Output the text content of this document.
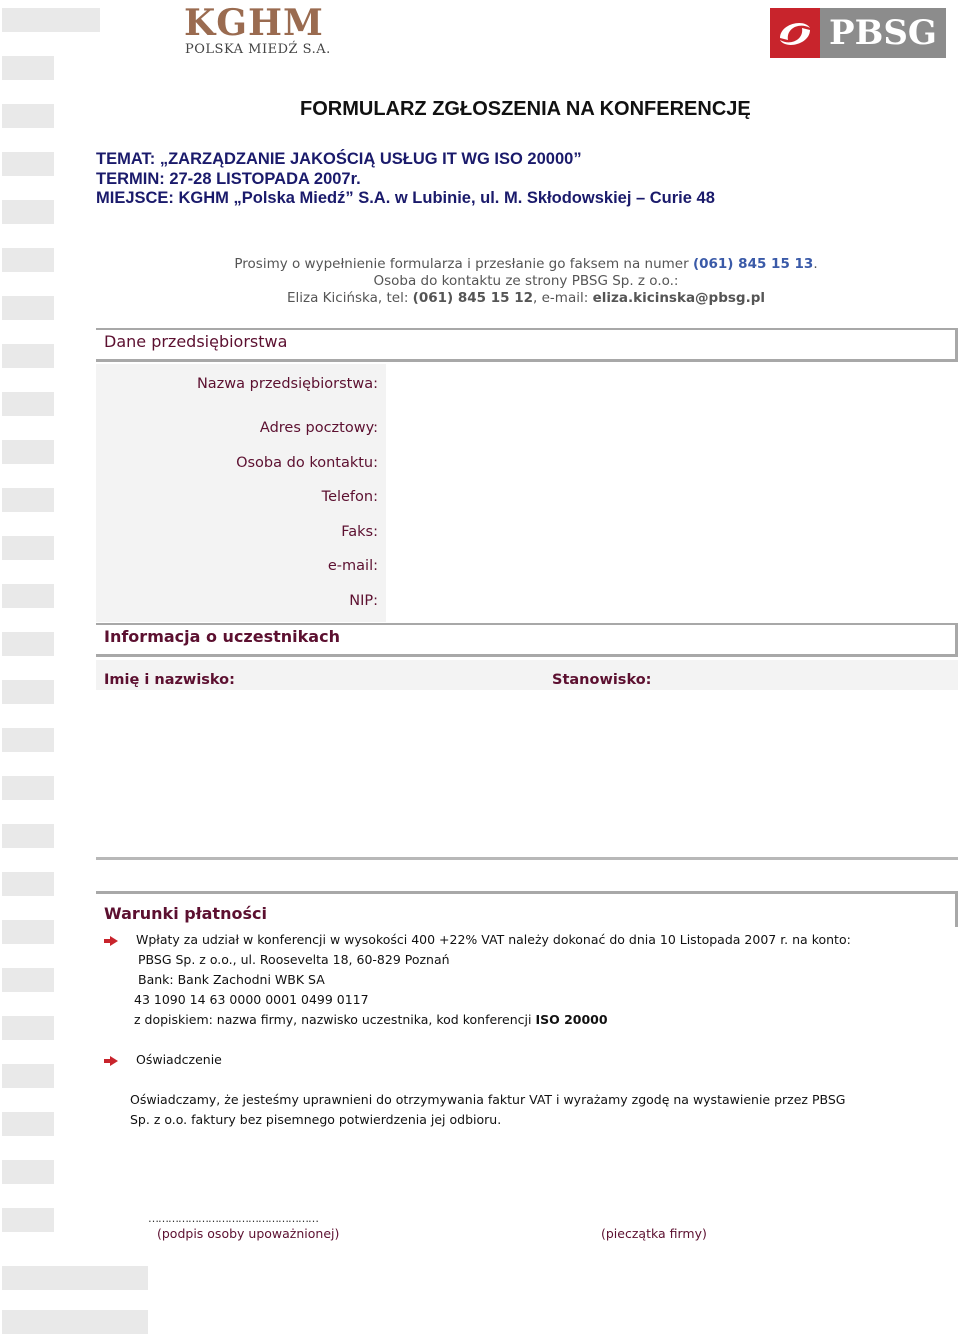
KGHM
POLSKA MIEDŹ S.A.	PBSG
FORMULARZ ZGŁOSZENIA NA KONFERENCJĘ
TEMAT: „ZARZĄDZANIE JAKOŚCIĄ USŁUG IT WG ISO 20000”
TERMIN: 27-28 LISTOPADA 2007r.
MIEJSCE: KGHM „Polska Miedź” S.A. w Lubinie, ul. M. Skłodowskiej – Curie 48
Prosimy o wypełnienie formularza i przesłanie go faksem na numer (061) 845 15 13.
Osoba do kontaktu ze strony PBSG Sp. z o.o.:
Eliza Kicińska, tel: (061) 845 15 12, e-mail: eliza.kicinska@pbsg.pl
Dane przedsiębiorstwa
Nazwa przedsiębiorstwa:
Adres pocztowy:
Osoba do kontaktu:
Telefon:
Faks:
e-mail:
NIP:
Informacja o uczestnikach
Imię i nazwisko:	Stanowisko:
Warunki płatności
Wpłaty za udział w konferencji w wysokości 400 +22% VAT należy dokonać do dnia 10 Listopada 2007 r. na konto:
PBSG Sp. z o.o., ul. Roosevelta 18, 60-829 Poznań
Bank: Bank Zachodni WBK SA
43 1090 14 63 0000 0001 0499 0117
z dopiskiem: nazwa firmy, nazwisko uczestnika, kod konferencji ISO 20000
Oświadczenie
Oświadczamy, że jesteśmy uprawnieni do otrzymywania faktur VAT i wyrażamy zgodę na wystawienie przez PBSG
Sp. z o.o. faktury bez pisemnego potwierdzenia jej odbioru.
……………………………………………
(podpis osoby upoważnionej)	(pieczątka firmy)
